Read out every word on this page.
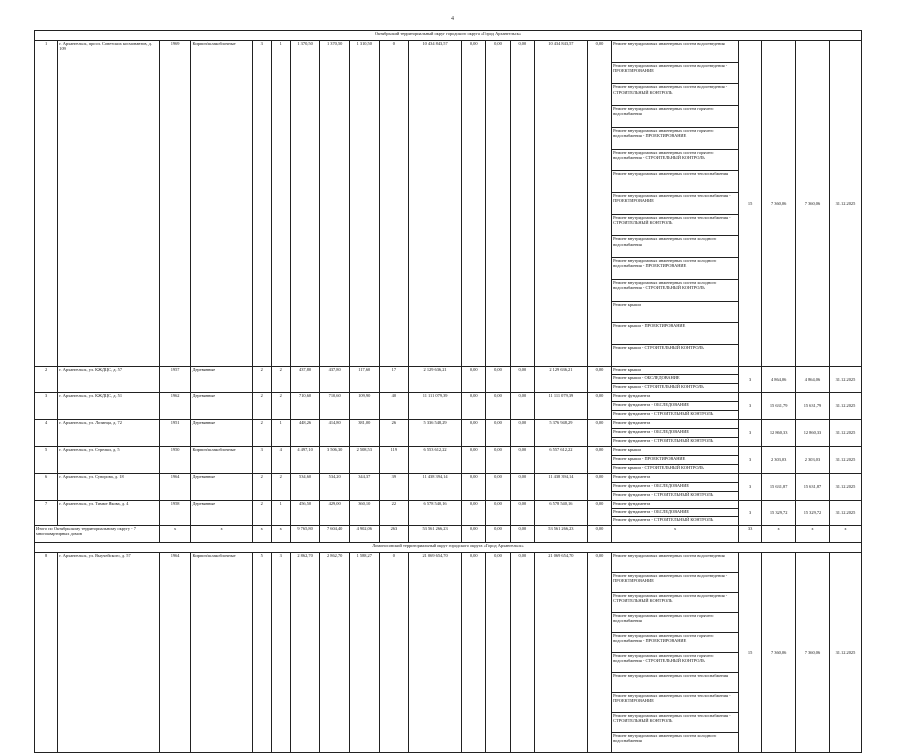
4
Октябрьский территориальный округ городского округа «Город Архангельск»																				
1	г. Архангельск, просп. Советских космонавтов, д. 109	1969	Кирпич/шлакоблочные	3	1	1 370,50	1 370,50	1 310,50	0	10 434 843,57	0,00	0,00	0,00	10 434 843,57	0,00	Ремонт внутридомовых инженерных систем водоотведения	15	7 360,06	7 360,06	31.12.2025
																Ремонт внутридомовых инженерных систем водоотведения - ПРОЕКТИРОВАНИЕ				
																Ремонт внутридомовых инженерных систем водоотведения - СТРОИТЕЛЬНЫЙ КОНТРОЛЬ				
																Ремонт внутридомовых инженерных систем горячего водоснабжения				
																Ремонт внутридомовых инженерных систем горячего водоснабжения - ПРОЕКТИРОВАНИЕ				
																Ремонт внутридомовых инженерных систем горячего водоснабжения - СТРОИТЕЛЬНЫЙ КОНТРОЛЬ				
																Ремонт внутридомовых инженерных систем теплоснабжения				
																Ремонт внутридомовых инженерных систем теплоснабжения - ПРОЕКТИРОВАНИЕ				
																Ремонт внутридомовых инженерных систем теплоснабжения - СТРОИТЕЛЬНЫЙ КОНТРОЛЬ				
																Ремонт внутридомовых инженерных систем холодного водоснабжения				
																Ремонт внутридомовых инженерных систем холодного водоснабжения - ПРОЕКТИРОВАНИЕ				
																Ремонт внутридомовых инженерных систем холодного водоснабжения - СТРОИТЕЛЬНЫЙ КОНТРОЛЬ				
																Ремонт крыши				
																Ремонт крыши - ПРОЕКТИРОВАНИЕ				
																Ремонт крыши - СТРОИТЕЛЬНЫЙ КОНТРОЛЬ				
2	г. Архангельск, ул. КЖДЦС, д. 57	1957	Деревянные	2	2	437,80	437,80	117,60	17	2 129 636,21	0,00	0,00	0,00	2 129 636,21	0,00	Ремонт крыши	3	4 864,06	4 864,06	31.12.2025
																Ремонт крыши - ОБСЛЕДОВАНИЕ				
																Ремонт крыши - СТРОИТЕЛЬНЫЙ КОНТРОЛЬ				
3	г. Архангельск, ул. КЖДЦС, д. 51	1962	Деревянные	2	2	710,60	710,60	109,90	40	11 111 079,39	0,00	0,00	0,00	11 111 079,39	0,00	Ремонт фундамента	3	15 631,79	15 631,79	31.12.2025
																Ремонт фундамента - ОБСЛЕДОВАНИЕ				
																Ремонт фундамента - СТРОИТЕЛЬНЫЙ КОНТРОЛЬ				
4	г. Архангельск, ул. Лозинца, д. 72	1951	Деревянные	2	1	448,26	414,80	381,00	26	5 336 548,29	0,00	0,00	0,00	5 376 948,29	0,00	Ремонт фундамента	3	12 860,33	12 860,33	31.12.2025
																Ремонт фундамента - ОБСЛЕДОВАНИЕ				
																Ремонт фундамента - СТРОИТЕЛЬНЫЙ КОНТРОЛЬ				
5	г. Архангельск, ул. Стрелки, д. 5	1950	Кирпич/шлакоблочные	3	4	4 497,10	3 506,30	2 508,53	119	6 553 612,22	0,00	0,00	0,00	6 557 612,22	0,00	Ремонт крыши	3	2 303,03	2 303,03	31.12.2025
																Ремонт крыши - ПРОЕКТИРОВАНИЕ				
																Ремонт крыши - СТРОИТЕЛЬНЫЙ КОНТРОЛЬ				
6	г. Архангельск, ул. Суворова, д. 18	1964	Деревянные	2	2	534,60	534,20	344,37	39	11 438 394,14	0,00	0,00	0,00	11 438 394,14	0,00	Ремонт фундамента	3	15 631,87	15 631,87	31.12.2025
																Ремонт фундамента - ОБСЛЕДОВАНИЕ				
																Ремонт фундамента - СТРОИТЕЛЬНЫЙ КОНТРОЛЬ				
7	г. Архангельск, ул. Тимме Якова, д. 4	1958	Деревянные	2	1	456,50	429,00	360,10	22	6 578 540,16	0,00	0,00	0,00	6 578 540,16	0,00	Ремонт фундамента	3	15 329,72	15 329,72	31.12.2025
																Ремонт фундамента - ОБСЛЕДОВАНИЕ				
																Ремонт фундамента - СТРОИТЕЛЬНЫЙ КОНТРОЛЬ				
Итого по Октябрьскому территориальному округу - 7 многоквартирных домов		х	х	х	х	9 765,80	7 604,40	4 902,06	263	53 561 266,23	0,00	0,00	0,00	53 561 266,23	0,00	х	33	х	х	х
Ломоносовский территориальный округ городского округа «Город Архангельск»																				
8	г. Архангельск, ул. Выучейского, д. 57	1964	Кирпич/шлакоблочные	5	3	2 862,70	2 862,70	1 588,27	0	21 069 654,70	0,00	0,00	0,00	21 069 654,70	0,00	Ремонт внутридомовых инженерных систем водоотведения	15	7 360,06	7 360,06	31.12.2025
																Ремонт внутридомовых инженерных систем водоотведения - ПРОЕКТИРОВАНИЕ				
																Ремонт внутридомовых инженерных систем водоотведения - СТРОИТЕЛЬНЫЙ КОНТРОЛЬ				
																Ремонт внутридомовых инженерных систем горячего водоснабжения				
																Ремонт внутридомовых инженерных систем горячего водоснабжения - ПРОЕКТИРОВАНИЕ				
																Ремонт внутридомовых инженерных систем горячего водоснабжения - СТРОИТЕЛЬНЫЙ КОНТРОЛЬ				
																Ремонт внутридомовых инженерных систем теплоснабжения				
																Ремонт внутридомовых инженерных систем теплоснабжения - ПРОЕКТИРОВАНИЕ				
																Ремонт внутридомовых инженерных систем теплоснабжения - СТРОИТЕЛЬНЫЙ КОНТРОЛЬ				
																Ремонт внутридомовых инженерных систем холодного водоснабжения				
